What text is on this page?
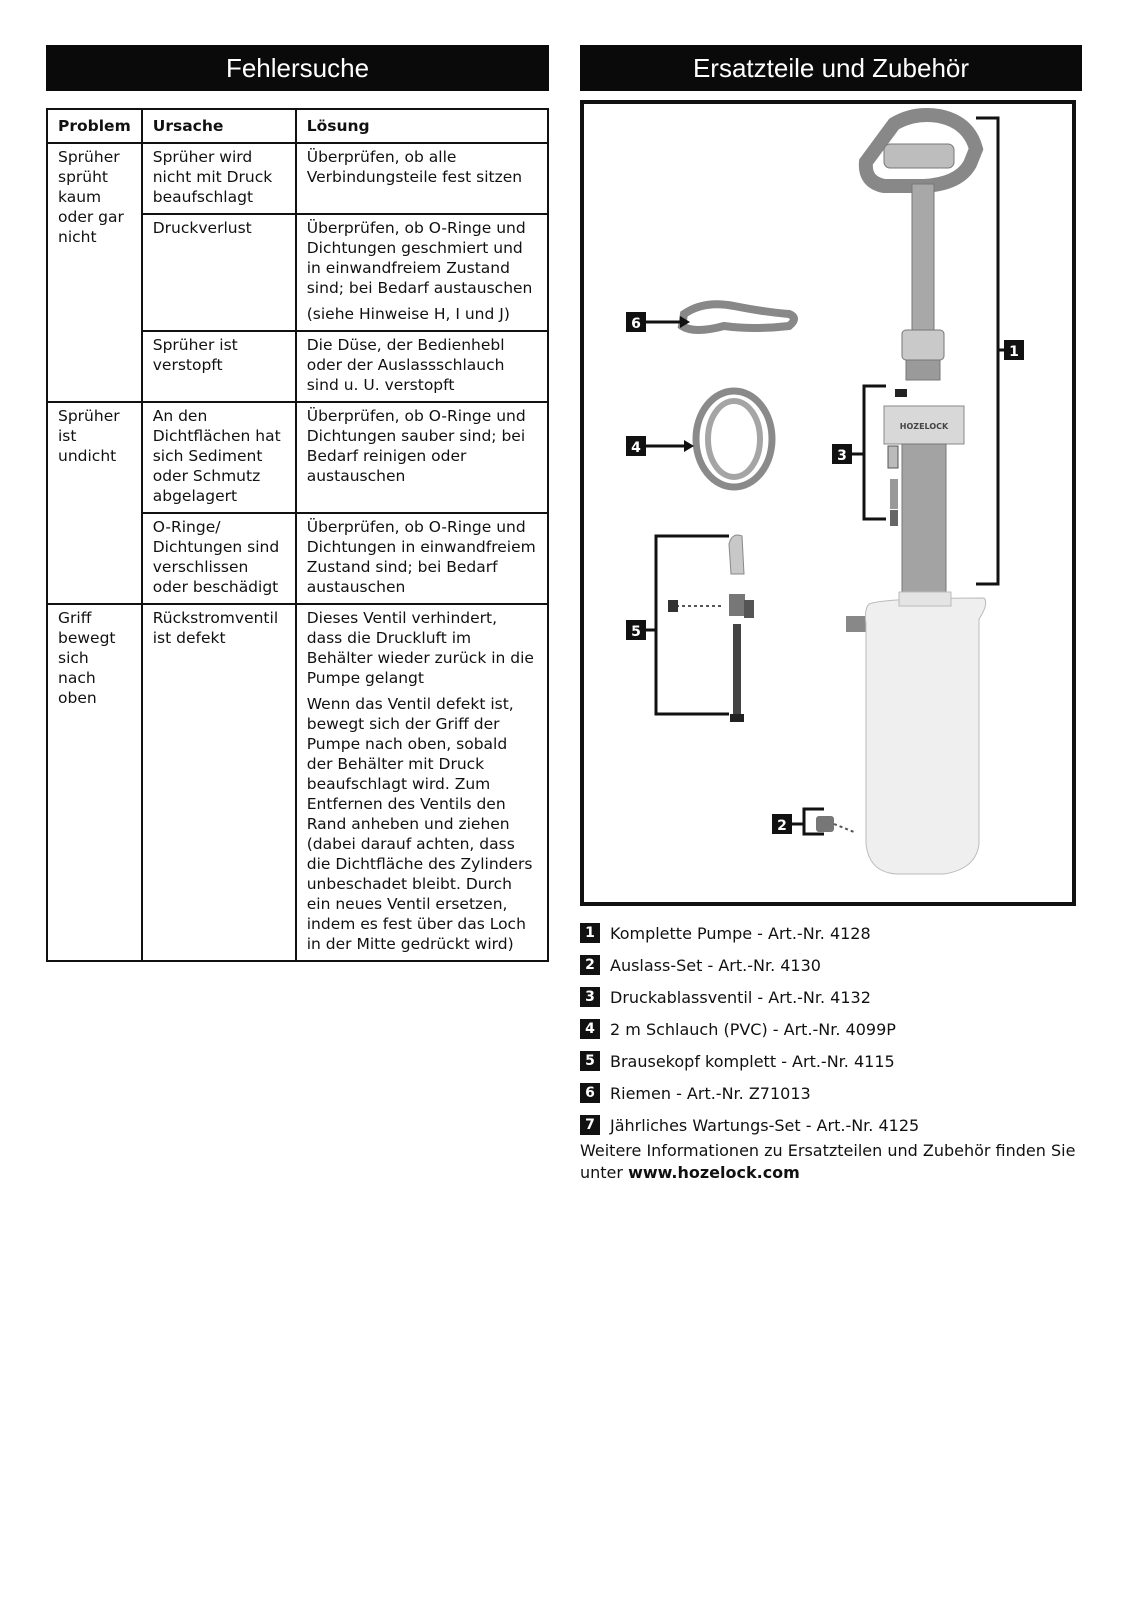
Fehlersuche	Ersatzteile und Zubehör
Problem	Ursache	Lösung
Sprüher sprüht kaum oder gar nicht	Sprüher wird nicht mit Druck beaufschlagt	Überprüfen, ob alle Verbindungsteile fest sitzen

	Druckverlust	Überprüfen, ob O-Ringe und Dichtungen geschmiert und in einwandfreiem Zustand sind; bei Bedarf austauschen
(siehe Hinweise H, I und J)

	Sprüher ist verstopft	Die Düse, der Bedienhebl oder der Auslassschlauch sind u. U. verstopft

Sprüher ist undicht	An den Dichtflächen hat sich Sediment oder Schmutz abgelagert	Überprüfen, ob O-Ringe und Dichtungen sauber sind; bei Bedarf reinigen oder austauschen

	O-Ringe/ Dichtungen sind verschlissen oder beschädigt	Überprüfen, ob O-Ringe und Dichtungen in einwandfreiem Zustand sind; bei Bedarf austauschen

Griff bewegt sich nach oben	Rückstromventil ist defekt	Dieses Ventil verhindert, dass die Druckluft im Behälter wieder zurück in die Pumpe gelangt
Wenn das Ventil defekt ist, bewegt sich der Griff der Pumpe nach oben, sobald der Behälter mit Druck beaufschlagt wird. Zum Entfernen des Ventils den Rand anheben und ziehen (dabei darauf achten, dass die Dichtfläche des Zylinders unbeschadet bleibt. Durch ein neues Ventil ersetzen, indem es fest über das Loch in der Mitte gedrückt wird)
HOZELOCK
1
3
6
4
5
2
1 Komplette Pumpe - Art.-Nr. 4128
2 Auslass-Set - Art.-Nr. 4130
3 Druckablassventil - Art.-Nr. 4132
4 2 m Schlauch (PVC) - Art.-Nr. 4099P
5 Brausekopf komplett - Art.-Nr. 4115
6 Riemen - Art.-Nr. Z71013
7 Jährliches Wartungs-Set - Art.-Nr. 4125
Weitere Informationen zu Ersatzteilen und Zubehör finden Sie unter www.hozelock.com
